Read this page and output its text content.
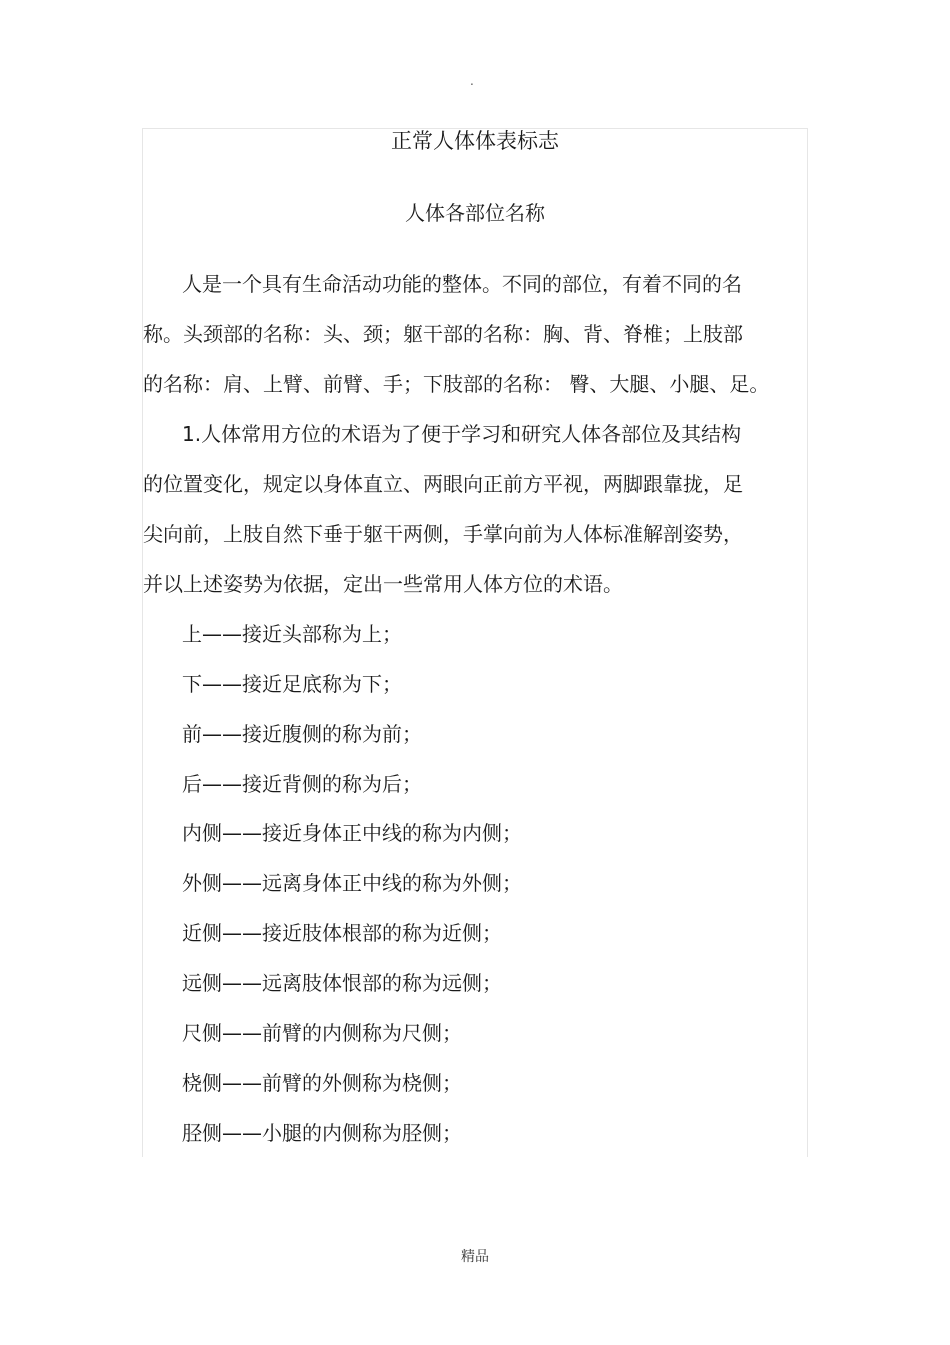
.
正常人体体表标志
人体各部位名称
人是一个具有生命活动功能的整体。不同的部位，有着不同的名
称。头颈部的名称：头、颈；躯干部的名称：胸、背、脊椎；上肢部
的名称：肩、上臂、前臂、手；下肢部的名称： 臀、大腿、小腿、足。
1.人体常用方位的术语为了便于学习和研究人体各部位及其结构
的位置变化，规定以身体直立、两眼向正前方平视，两脚跟靠拢，足
尖向前，上肢自然下垂于躯干两侧，手掌向前为人体标准解剖姿势，
并以上述姿势为依据，定出一些常用人体方位的术语。
上——接近头部称为上；
下——接近足底称为下；
前——接近腹侧的称为前；
后——接近背侧的称为后；
内侧——接近身体正中线的称为内侧；
外侧——远离身体正中线的称为外侧；
近侧——接近肢体根部的称为近侧；
远侧——远离肢体恨部的称为远侧；
尺侧——前臂的内侧称为尺侧；
桡侧——前臂的外侧称为桡侧；
胫侧——小腿的内侧称为胫侧；
精品
